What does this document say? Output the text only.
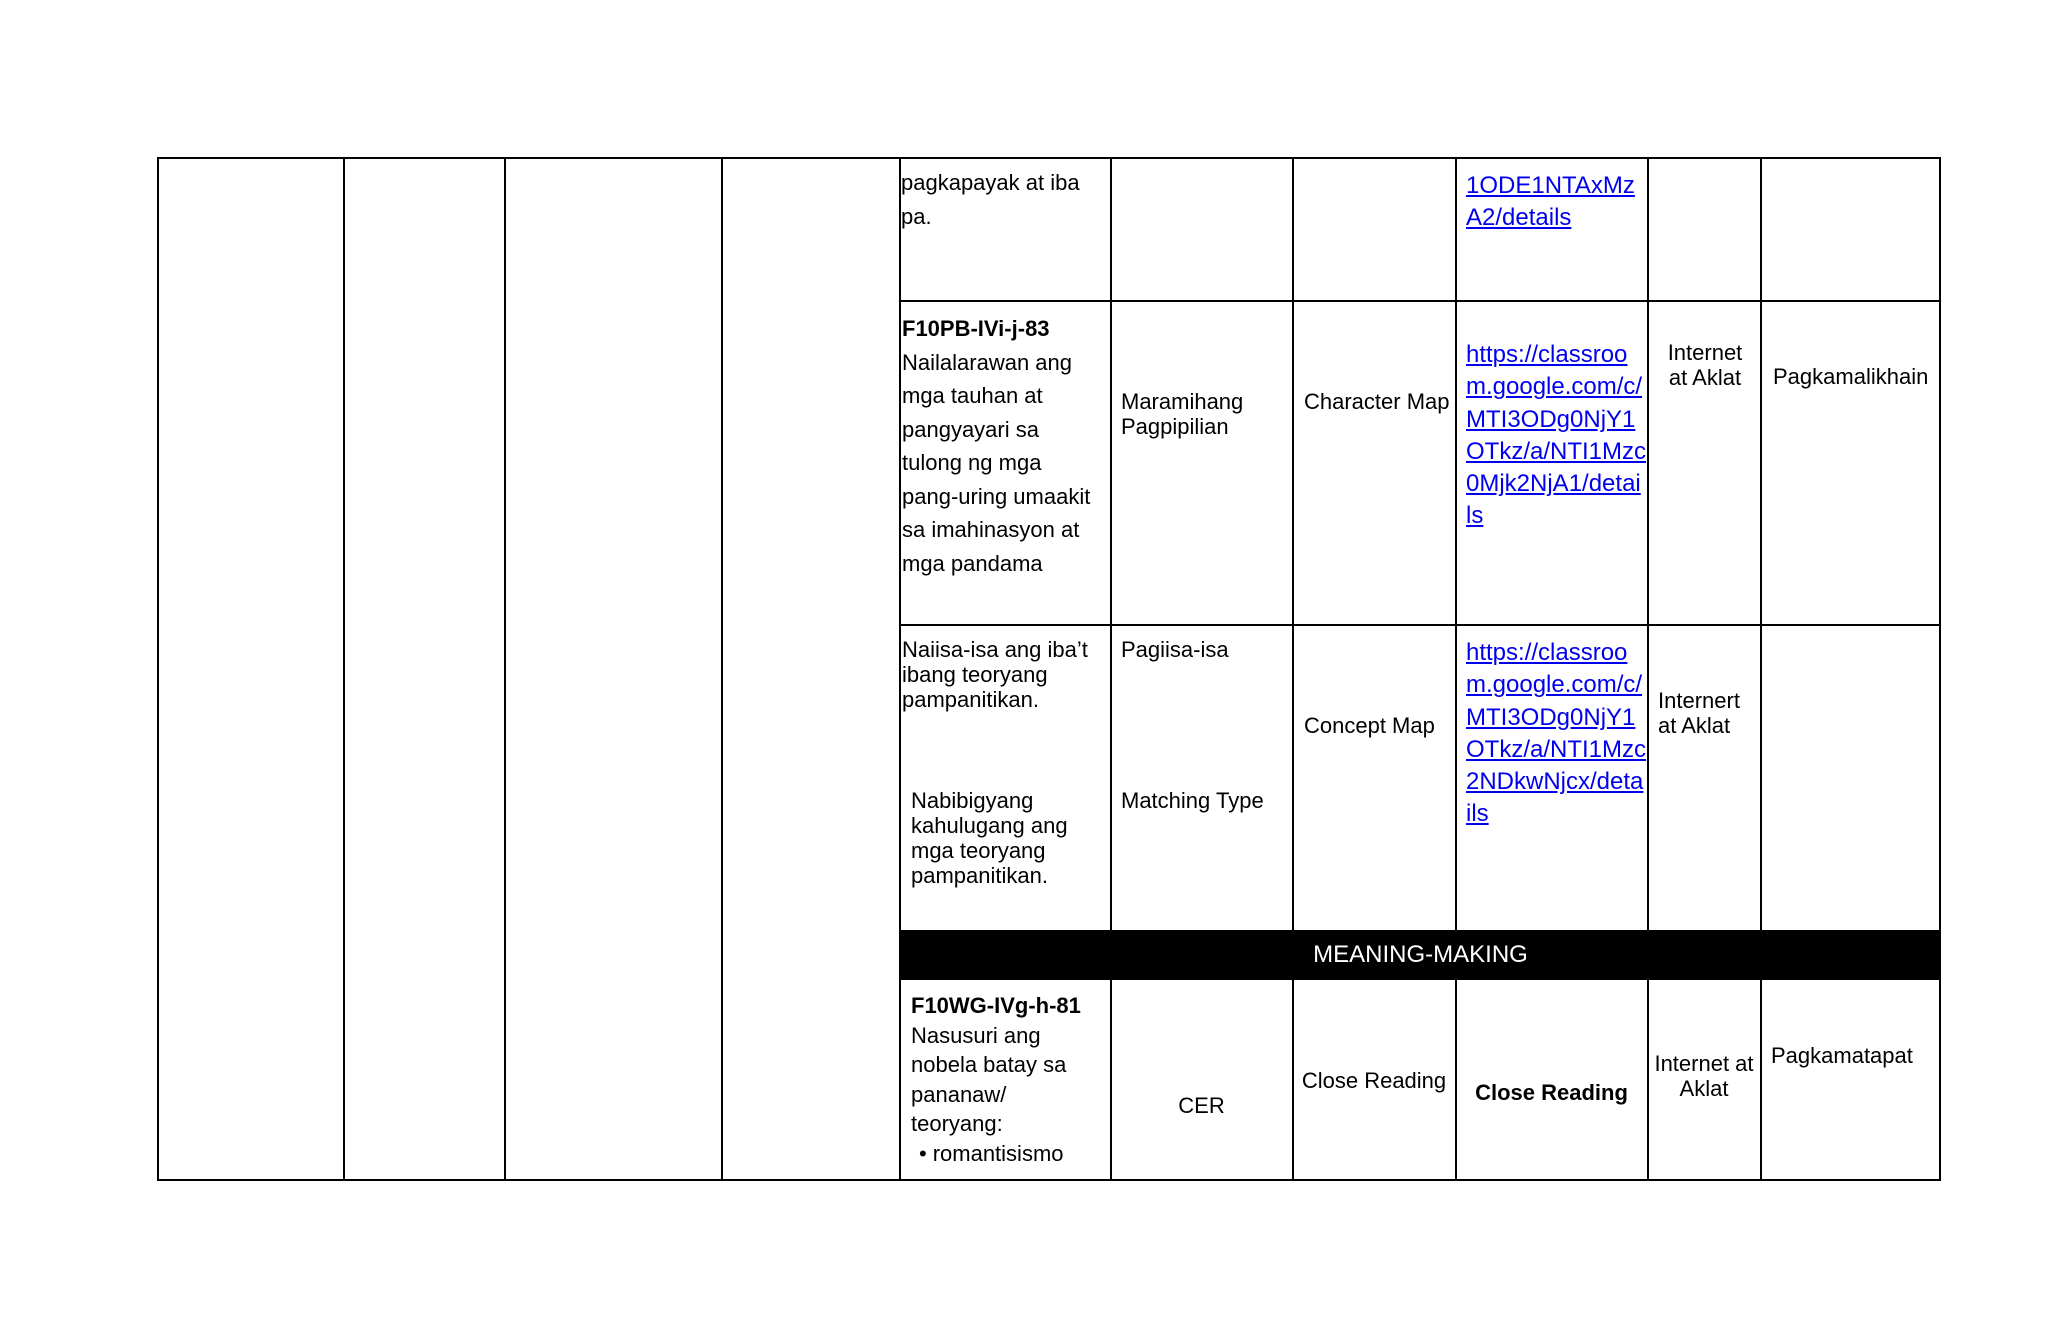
pagkapayak at iba pa.
1ODE1NTAxMzA2/details
F10PB-IVi-j-83
Nailalarawan ang mga tauhan at pangyayari sa tulong ng mga pang-uring umaakit sa imahinasyon at mga pandama
Maramihang Pagpipilian
Character Map
https://classroom.google.com/c/MTI3ODg0NjY1OTkz/a/NTI1Mzc0Mjk2NjA1/details
Internet at Aklat	Pagkamalikhain
Naiisa-isa ang iba’t ibang teoryang pampanitikan.
Nabibigyang kahulugang ang mga teoryang pampanitikan.
Pagiisa-isa
Matching Type
Concept Map
https://classroom.google.com/c/MTI3ODg0NjY1OTkz/a/NTI1Mzc2NDkwNjcx/details
Internert at Aklat
MEANING-MAKING
F10WG-IVg-h-81
Nasusuri ang nobela batay sa pananaw/ teoryang:
• romantisismo
CER
Close Reading	Close Reading
Internet at Aklat
Pagkamatapat
